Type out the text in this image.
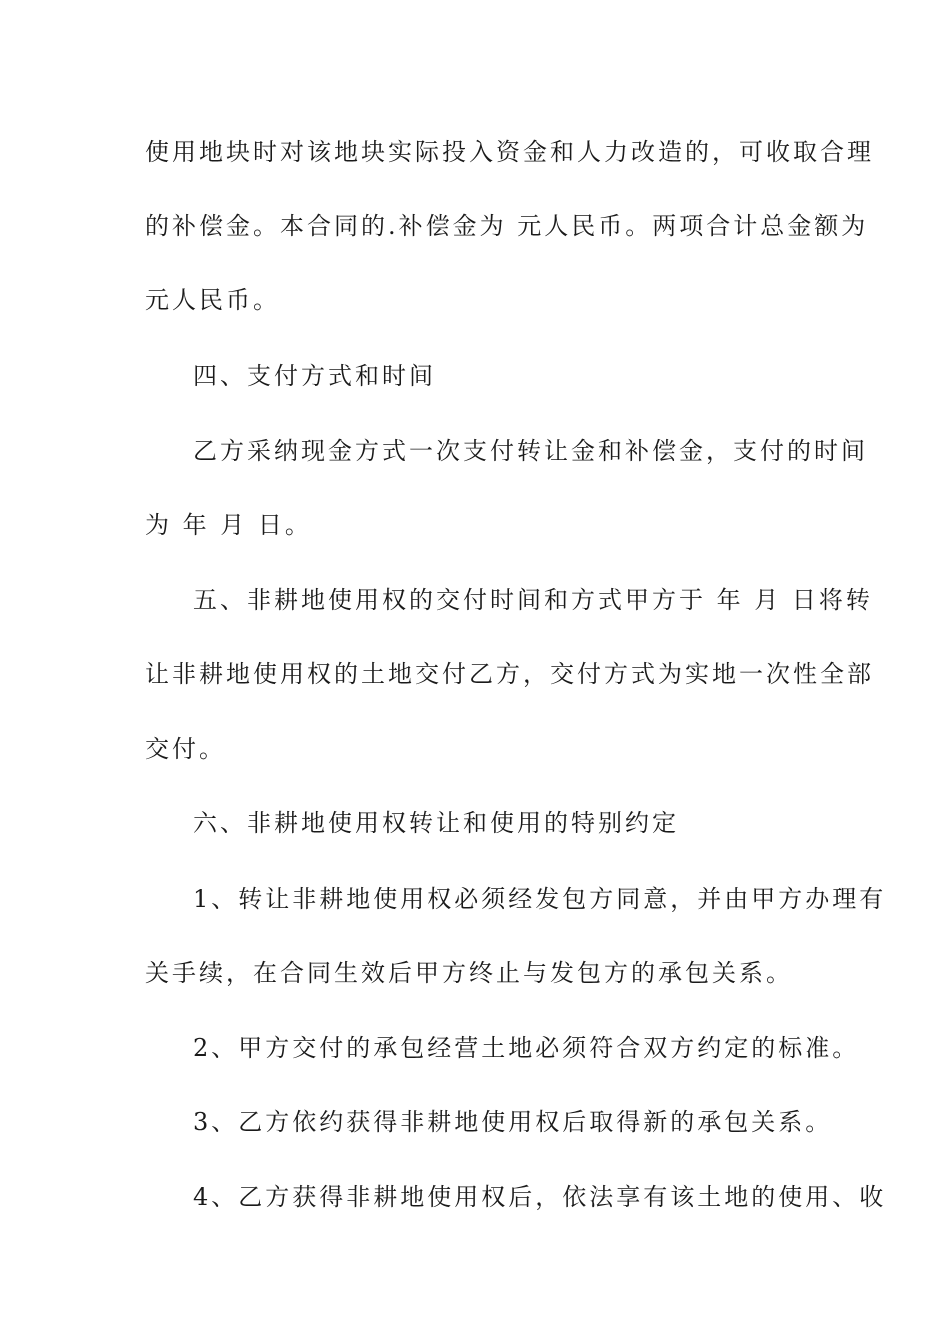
使用地块时对该地块实际投入资金和人力改造的，可收取合理
的补偿金。本合同的.补偿金为 元人民币。两项合计总金额为
元人民币。
四、支付方式和时间
乙方采纳现金方式一次支付转让金和补偿金，支付的时间
为 年 月 日。
五、非耕地使用权的交付时间和方式甲方于 年 月 日将转
让非耕地使用权的土地交付乙方，交付方式为实地一次性全部
交付。
六、非耕地使用权转让和使用的特别约定
1、转让非耕地使用权必须经发包方同意，并由甲方办理有
关手续，在合同生效后甲方终止与发包方的承包关系。
2、甲方交付的承包经营土地必须符合双方约定的标准。
3、乙方依约获得非耕地使用权后取得新的承包关系。
4、乙方获得非耕地使用权后，依法享有该土地的使用、收
